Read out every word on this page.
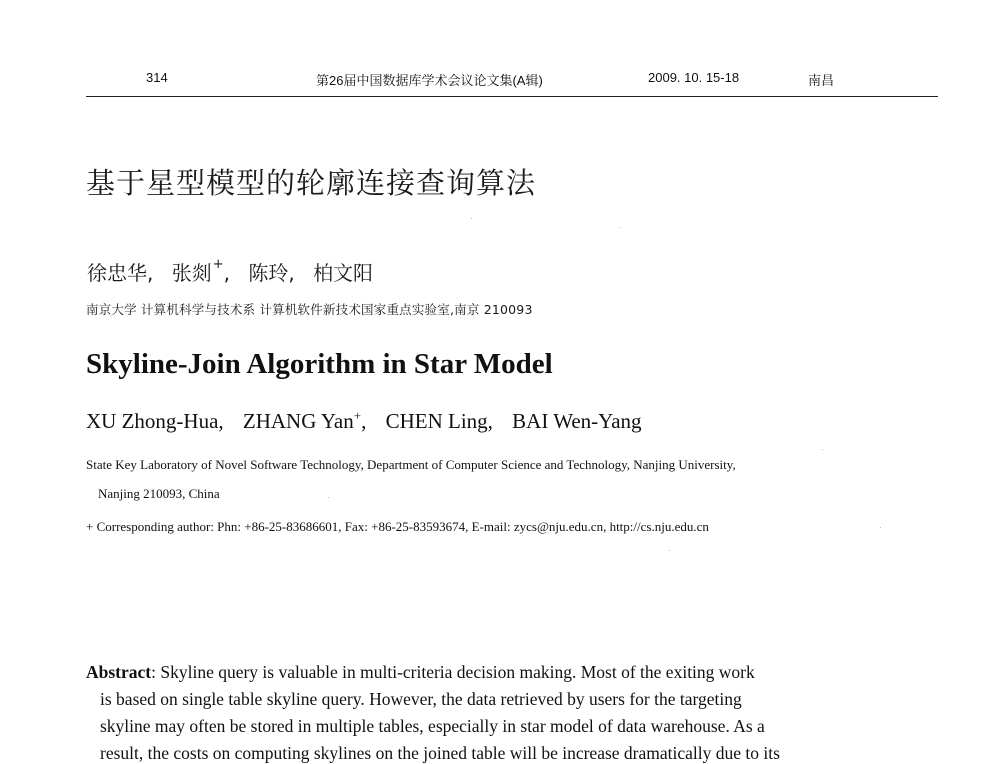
314	第26届中国数据库学术会议论文集(A辑)	2009. 10. 15-18	南昌
基于星型模型的轮廓连接查询算法
徐忠华, 张剡+, 陈玲, 柏文阳
南京大学 计算机科学与技术系 计算机软件新技术国家重点实验室,南京 210093
Skyline-Join Algorithm in Star Model
XU Zhong-Hua, ZHANG Yan+, CHEN Ling, BAI Wen-Yang
State Key Laboratory of Novel Software Technology, Department of Computer Science and Technology, Nanjing University,
Nanjing 210093, China
+ Corresponding author: Phn: +86-25-83686601, Fax: +86-25-83593674, E-mail: zycs@nju.edu.cn, http://cs.nju.edu.cn
Abstract: Skyline query is valuable in multi-criteria decision making. Most of the exiting work
is based on single table skyline query. However, the data retrieved by users for the targeting
skyline may often be stored in multiple tables, especially in star model of data warehouse. As a
result, the costs on computing skylines on the joined table will be increase dramatically due to its
